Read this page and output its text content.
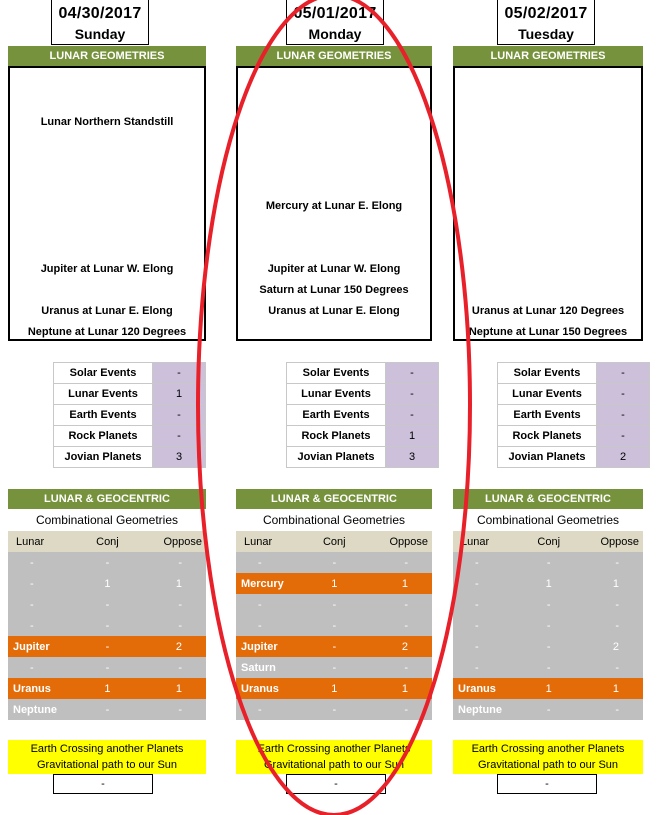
04/30/2017
Sunday
LUNAR GEOMETRIES
Lunar Northern Standstill
Jupiter at Lunar W. Elong
Uranus at Lunar E. Elong
Neptune at Lunar 120 Degrees
Solar Events	-
Lunar Events	1
Earth Events	-
Rock Planets	-
Jovian Planets	3
LUNAR & GEOCENTRIC
Combinational Geometries
Lunar	Conj	Oppose
-	-	-
-	1	1
-	-	-
-	-	-
Jupiter	-	2
-	-	-
Uranus	1	1
Neptune	-	-
Earth Crossing another Planets
Gravitational path to our Sun
-
05/01/2017
Monday
LUNAR GEOMETRIES
Mercury at Lunar E. Elong
Jupiter at Lunar W. Elong
Saturn at Lunar 150 Degrees
Uranus at Lunar E. Elong
Solar Events	-
Lunar Events	-
Earth Events	-
Rock Planets	1
Jovian Planets	3
LUNAR & GEOCENTRIC
Combinational Geometries
Lunar	Conj	Oppose
-	-	-
Mercury	1	1
-	-	-
-	-	-
Jupiter	-	2
Saturn	-	-
Uranus	1	1
-	-	-
Earth Crossing another Planets
Gravitational path to our Sun
-
05/02/2017
Tuesday
LUNAR GEOMETRIES
Uranus at Lunar 120 Degrees
Neptune at Lunar 150 Degrees
Solar Events	-
Lunar Events	-
Earth Events	-
Rock Planets	-
Jovian Planets	2
LUNAR & GEOCENTRIC
Combinational Geometries
Lunar	Conj	Oppose
-	-	-
-	1	1
-	-	-
-	-	-
-	-	2
-	-	-
Uranus	1	1
Neptune	-	-
Earth Crossing another Planets
Gravitational path to our Sun
-
